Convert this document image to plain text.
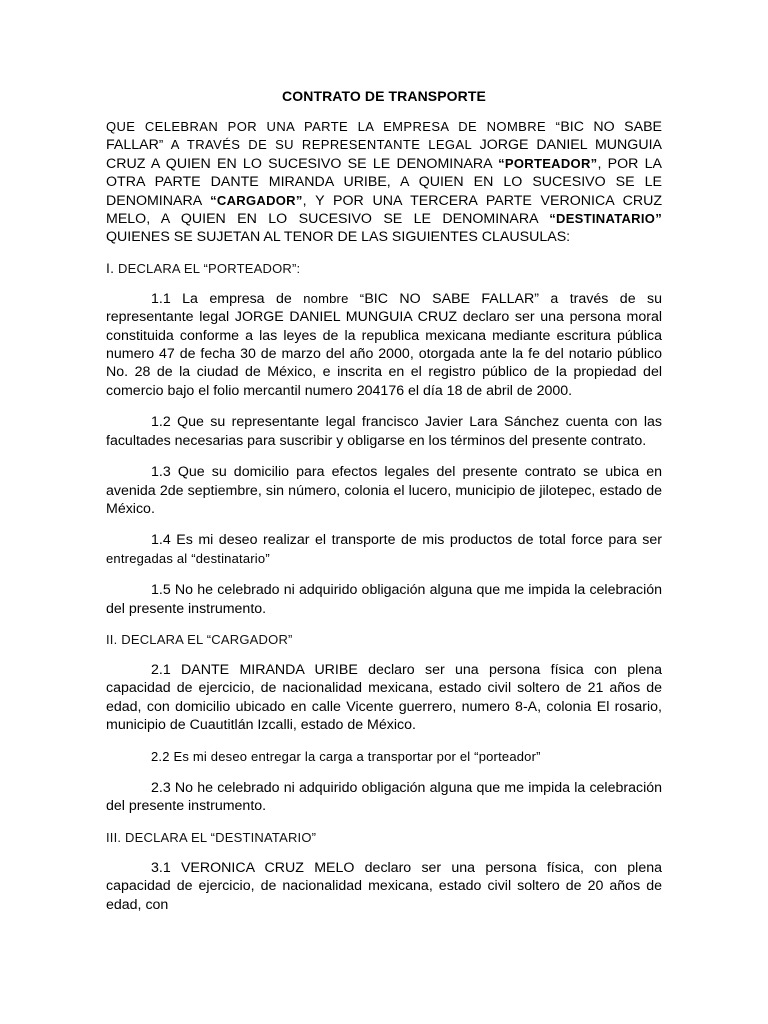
CONTRATO DE TRANSPORTE

QUE CELEBRAN POR UNA PARTE LA EMPRESA DE NOMBRE “BIC NO SABE FALLAR” A TRAVÉS DE SU REPRESENTANTE LEGAL JORGE DANIEL MUNGUIA CRUZ A QUIEN EN LO SUCESIVO SE LE DENOMINARA “PORTEADOR”, POR LA OTRA PARTE DANTE MIRANDA URIBE, A QUIEN EN LO SUCESIVO SE LE DENOMINARA “CARGADOR”, Y POR UNA TERCERA PARTE VERONICA CRUZ MELO, A QUIEN EN LO SUCESIVO SE LE DENOMINARA “DESTINATARIO” QUIENES SE SUJETAN AL TENOR DE LAS SIGUIENTES CLAUSULAS:

I. DECLARA EL “PORTEADOR”:

1.1 La empresa de nombre “BIC NO SABE FALLAR” a través de su representante legal JORGE DANIEL MUNGUIA CRUZ declaro ser una persona moral constituida conforme a las leyes de la republica mexicana mediante escritura pública numero 47 de fecha 30 de marzo del año 2000, otorgada ante la fe del notario público No. 28 de la ciudad de México, e inscrita en el registro público de la propiedad del comercio bajo el folio mercantil numero 204176 el día 18 de abril de 2000.

1.2 Que su representante legal francisco Javier Lara Sánchez cuenta con las facultades necesarias para suscribir y obligarse en los términos del presente contrato.

1.3 Que su domicilio para efectos legales del presente contrato se ubica en avenida 2de septiembre, sin número, colonia el lucero, municipio de jilotepec, estado de México.

1.4 Es mi deseo realizar el transporte de mis productos de total force para ser entregadas al “destinatario”

1.5 No he celebrado ni adquirido obligación alguna que me impida la celebración del presente instrumento.

II. DECLARA EL “CARGADOR”

2.1 DANTE MIRANDA URIBE declaro ser una persona física con plena capacidad de ejercicio, de nacionalidad mexicana, estado civil soltero de 21 años de edad, con domicilio ubicado en calle Vicente guerrero, numero 8-A, colonia El rosario, municipio de Cuautitlán Izcalli, estado de México.

2.2 Es mi deseo entregar la carga a transportar por el “porteador”

2.3 No he celebrado ni adquirido obligación alguna que me impida la celebración del presente instrumento.

III. DECLARA EL “DESTINATARIO”

3.1 VERONICA CRUZ MELO declaro ser una persona física, con plena capacidad de ejercicio, de nacionalidad mexicana, estado civil soltero de 20 años de edad, con
